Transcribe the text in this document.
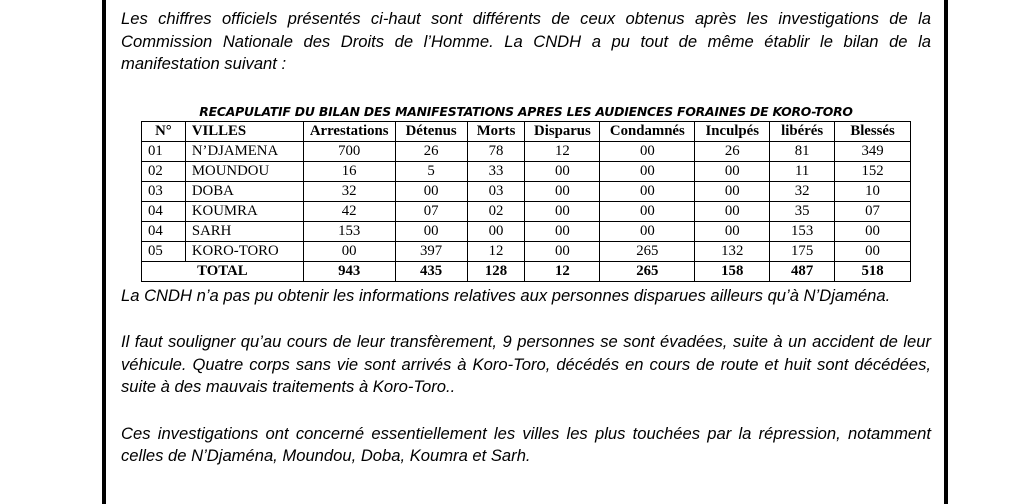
Les chiffres officiels présentés ci-haut sont différents de ceux obtenus après les investigations de la Commission Nationale des Droits de l’Homme. La CNDH a pu tout de même établir le bilan de la manifestation suivant :

RECAPULATIF DU BILAN DES MANIFESTATIONS APRES LES AUDIENCES FORAINES DE KORO-TORO
N°	VILLES	Arrestations	Détenus	Morts	Disparus	Condamnés	Inculpés	libérés	Blessés
01	N’DJAMENA	700	26	78	12	00	26	81	349
02	MOUNDOU	16	5	33	00	00	00	11	152
03	DOBA	32	00	03	00	00	00	32	10
04	KOUMRA	42	07	02	00	00	00	35	07
04	SARH	153	00	00	00	00	00	153	00
05	KORO-TORO	00	397	12	00	265	132	175	00
TOTAL		943	435	128	12	265	158	487	518

La CNDH n’a pas pu obtenir les informations relatives aux personnes disparues ailleurs qu’à N’Djaména.

Il faut souligner qu’au cours de leur transfèrement, 9 personnes se sont évadées, suite à un accident de leur véhicule. Quatre corps sans vie sont arrivés à Koro-Toro, décédés en cours de route et huit sont décédées, suite à des mauvais traitements à Koro-Toro..

Ces investigations ont concerné essentiellement les villes les plus touchées par la répression, notamment celles de N’Djaména, Moundou, Doba, Koumra et Sarh.
